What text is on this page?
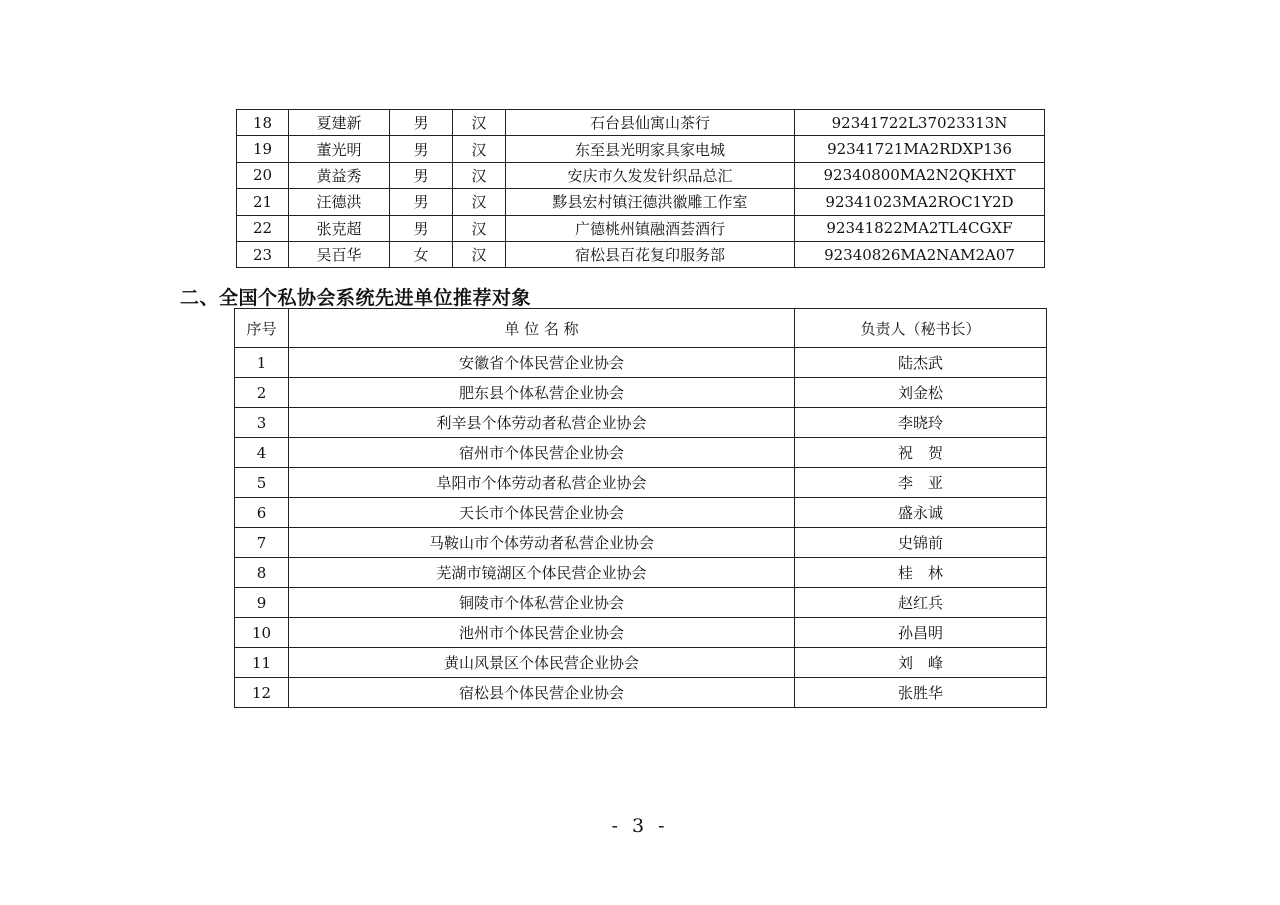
18	夏建新	男	汉	石台县仙寓山茶行	92341722L37023313N
19	董光明	男	汉	东至县光明家具家电城	92341721MA2RDXP136
20	黄益秀	男	汉	安庆市久发发针织品总汇	92340800MA2N2QKHXT
21	汪德洪	男	汉	黟县宏村镇汪德洪徽雕工作室	92341023MA2ROC1Y2D
22	张克超	男	汉	广德桃州镇融酒荟酒行	92341822MA2TL4CGXF
23	吴百华	女	汉	宿松县百花复印服务部	92340826MA2NAM2A07
二、全国个私协会系统先进单位推荐对象
序号	单 位 名 称	负责人（秘书长）
1	安徽省个体民营企业协会	陆杰武
2	肥东县个体私营企业协会	刘金松
3	利辛县个体劳动者私营企业协会	李晓玲
4	宿州市个体民营企业协会	祝　贺
5	阜阳市个体劳动者私营企业协会	李　亚
6	天长市个体民营企业协会	盛永诚
7	马鞍山市个体劳动者私营企业协会	史锦前
8	芜湖市镜湖区个体民营企业协会	桂　林
9	铜陵市个体私营企业协会	赵红兵
10	池州市个体民营企业协会	孙昌明
11	黄山风景区个体民营企业协会	刘　峰
12	宿松县个体民营企业协会	张胜华
- 3 -
